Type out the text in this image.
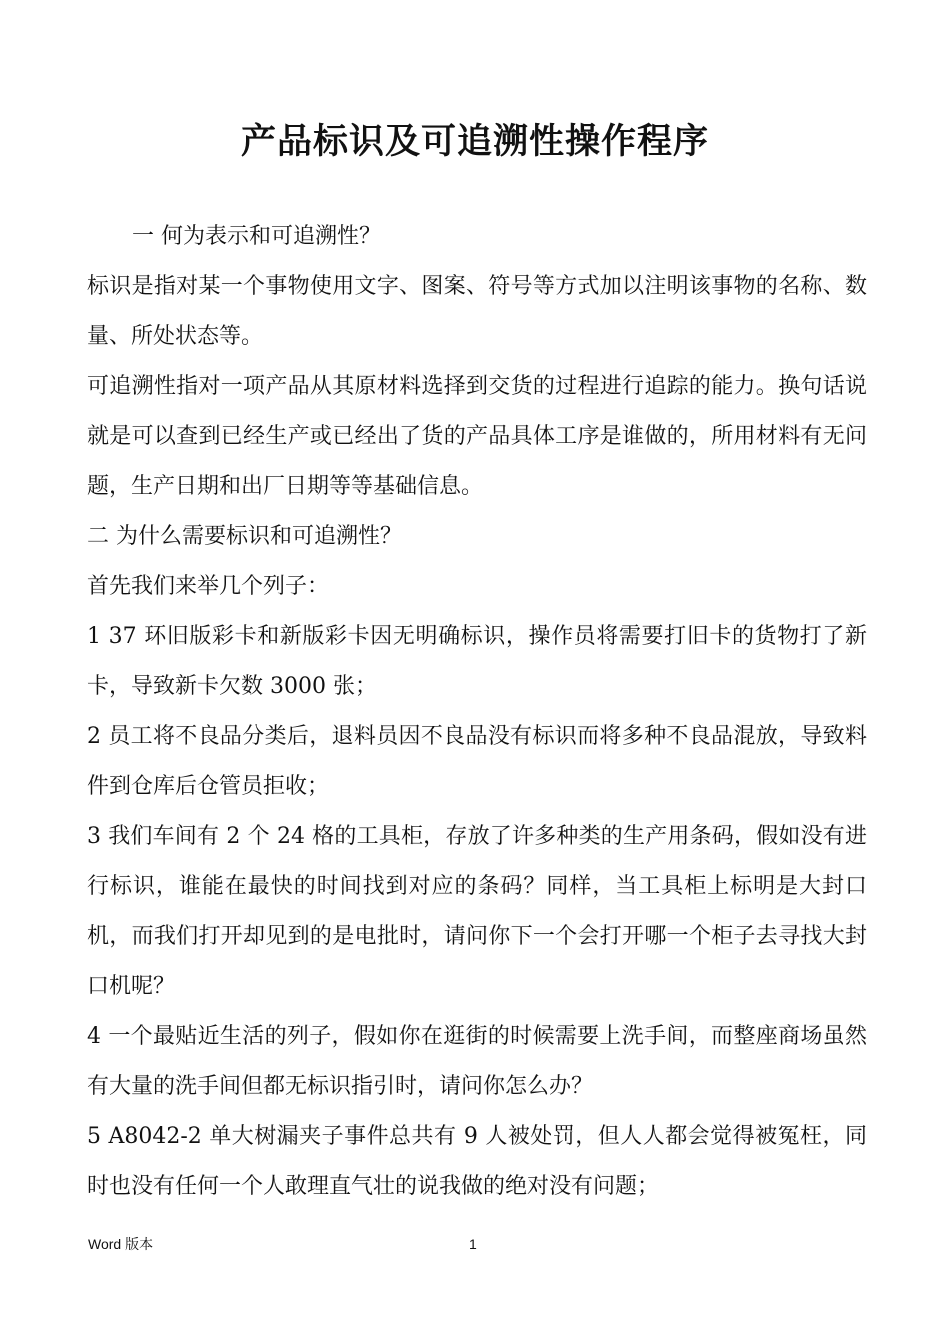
产品标识及可追溯性操作程序

一 何为表示和可追溯性？

标识是指对某一个事物使用文字、图案、符号等方式加以注明该事物的名称、数量、所处状态等。

可追溯性指对一项产品从其原材料选择到交货的过程进行追踪的能力。换句话说就是可以查到已经生产或已经出了货的产品具体工序是谁做的，所用材料有无问题，生产日期和出厂日期等等基础信息。

二 为什么需要标识和可追溯性？

首先我们来举几个列子：

1 37 环旧版彩卡和新版彩卡因无明确标识，操作员将需要打旧卡的货物打了新卡，导致新卡欠数 3000 张；

2 员工将不良品分类后，退料员因不良品没有标识而将多种不良品混放，导致料件到仓库后仓管员拒收；

3 我们车间有 2 个 24 格的工具柜，存放了许多种类的生产用条码，假如没有进行标识，谁能在最快的时间找到对应的条码？同样，当工具柜上标明是大封口机，而我们打开却见到的是电批时，请问你下一个会打开哪一个柜子去寻找大封口机呢？

4 一个最贴近生活的列子，假如你在逛街的时候需要上洗手间，而整座商场虽然有大量的洗手间但都无标识指引时，请问你怎么办？

5 A8042-2 单大树漏夹子事件总共有 9 人被处罚，但人人都会觉得被冤枉，同时也没有任何一个人敢理直气壮的说我做的绝对没有问题；

Word 版本	1
